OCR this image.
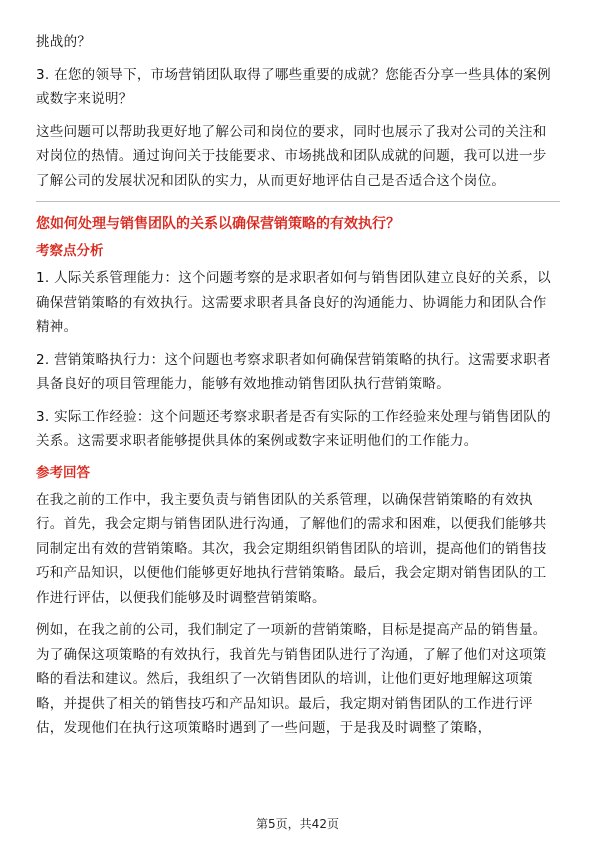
挑战的？

3. 在您的领导下，市场营销团队取得了哪些重要的成就？您能否分享一些具体的案例或数字来说明？

这些问题可以帮助我更好地了解公司和岗位的要求，同时也展示了我对公司的关注和对岗位的热情。通过询问关于技能要求、市场挑战和团队成就的问题，我可以进一步了解公司的发展状况和团队的实力，从而更好地评估自己是否适合这个岗位。

您如何处理与销售团队的关系以确保营销策略的有效执行？
考察点分析

1. 人际关系管理能力：这个问题考察的是求职者如何与销售团队建立良好的关系，以确保营销策略的有效执行。这需要求职者具备良好的沟通能力、协调能力和团队合作精神。

2. 营销策略执行力：这个问题也考察求职者如何确保营销策略的执行。这需要求职者具备良好的项目管理能力，能够有效地推动销售团队执行营销策略。

3. 实际工作经验：这个问题还考察求职者是否有实际的工作经验来处理与销售团队的关系。这需要求职者能够提供具体的案例或数字来证明他们的工作能力。

参考回答

在我之前的工作中，我主要负责与销售团队的关系管理，以确保营销策略的有效执行。首先，我会定期与销售团队进行沟通，了解他们的需求和困难，以便我们能够共同制定出有效的营销策略。其次，我会定期组织销售团队的培训，提高他们的销售技巧和产品知识，以便他们能够更好地执行营销策略。最后，我会定期对销售团队的工作进行评估，以便我们能够及时调整营销策略。

例如，在我之前的公司，我们制定了一项新的营销策略，目标是提高产品的销售量。为了确保这项策略的有效执行，我首先与销售团队进行了沟通，了解了他们对这项策略的看法和建议。然后，我组织了一次销售团队的培训，让他们更好地理解这项策略，并提供了相关的销售技巧和产品知识。最后，我定期对销售团队的工作进行评估，发现他们在执行这项策略时遇到了一些问题，于是我及时调整了策略，

第5页，共42页
